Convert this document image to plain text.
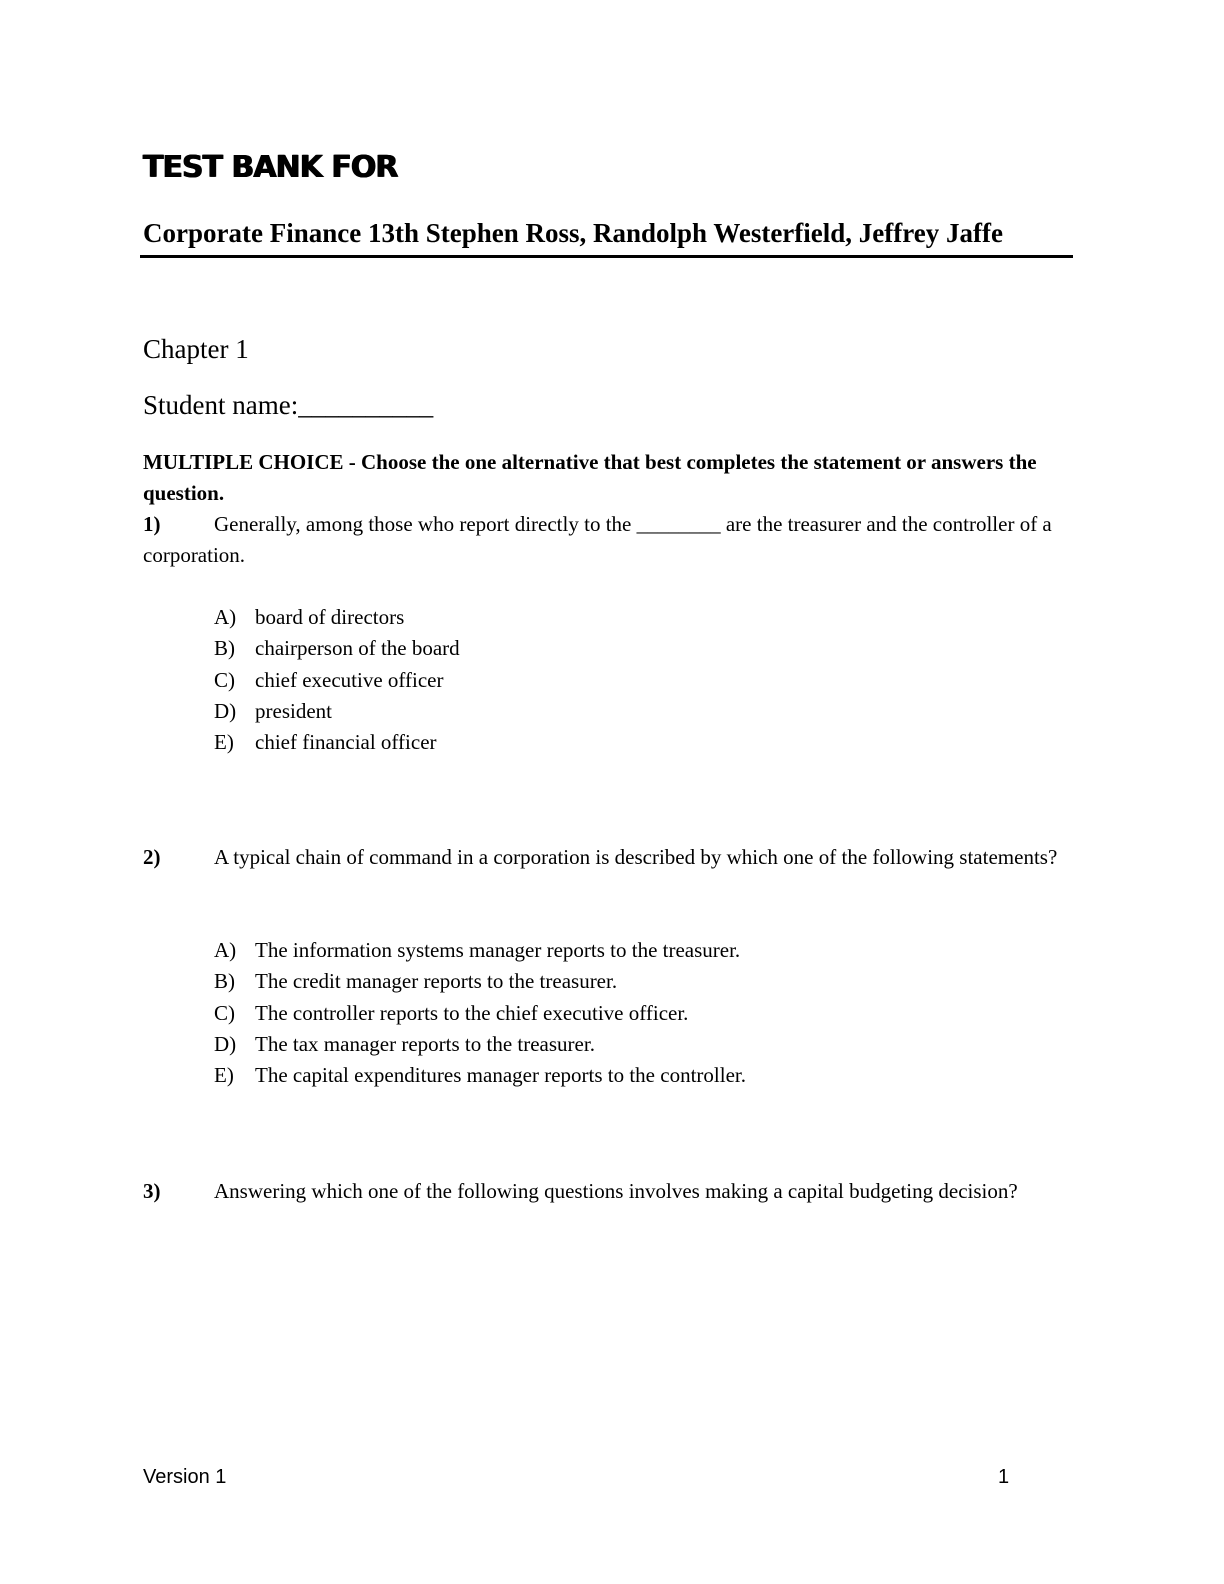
TEST BANK FOR
Corporate Finance 13th Stephen Ross, Randolph Westerfield, Jeffrey Jaffe
Chapter 1
Student name:__________
MULTIPLE CHOICE - Choose the one alternative that best completes the statement or answers the question.
1)	Generally, among those who report directly to the ________ are the treasurer and the controller of a corporation.
A) board of directors
B) chairperson of the board
C) chief executive officer
D) president
E) chief financial officer
2)	A typical chain of command in a corporation is described by which one of the following statements?
A) The information systems manager reports to the treasurer.
B) The credit manager reports to the treasurer.
C) The controller reports to the chief executive officer.
D) The tax manager reports to the treasurer.
E) The capital expenditures manager reports to the controller.
3)	Answering which one of the following questions involves making a capital budgeting decision?
Version 1	1
